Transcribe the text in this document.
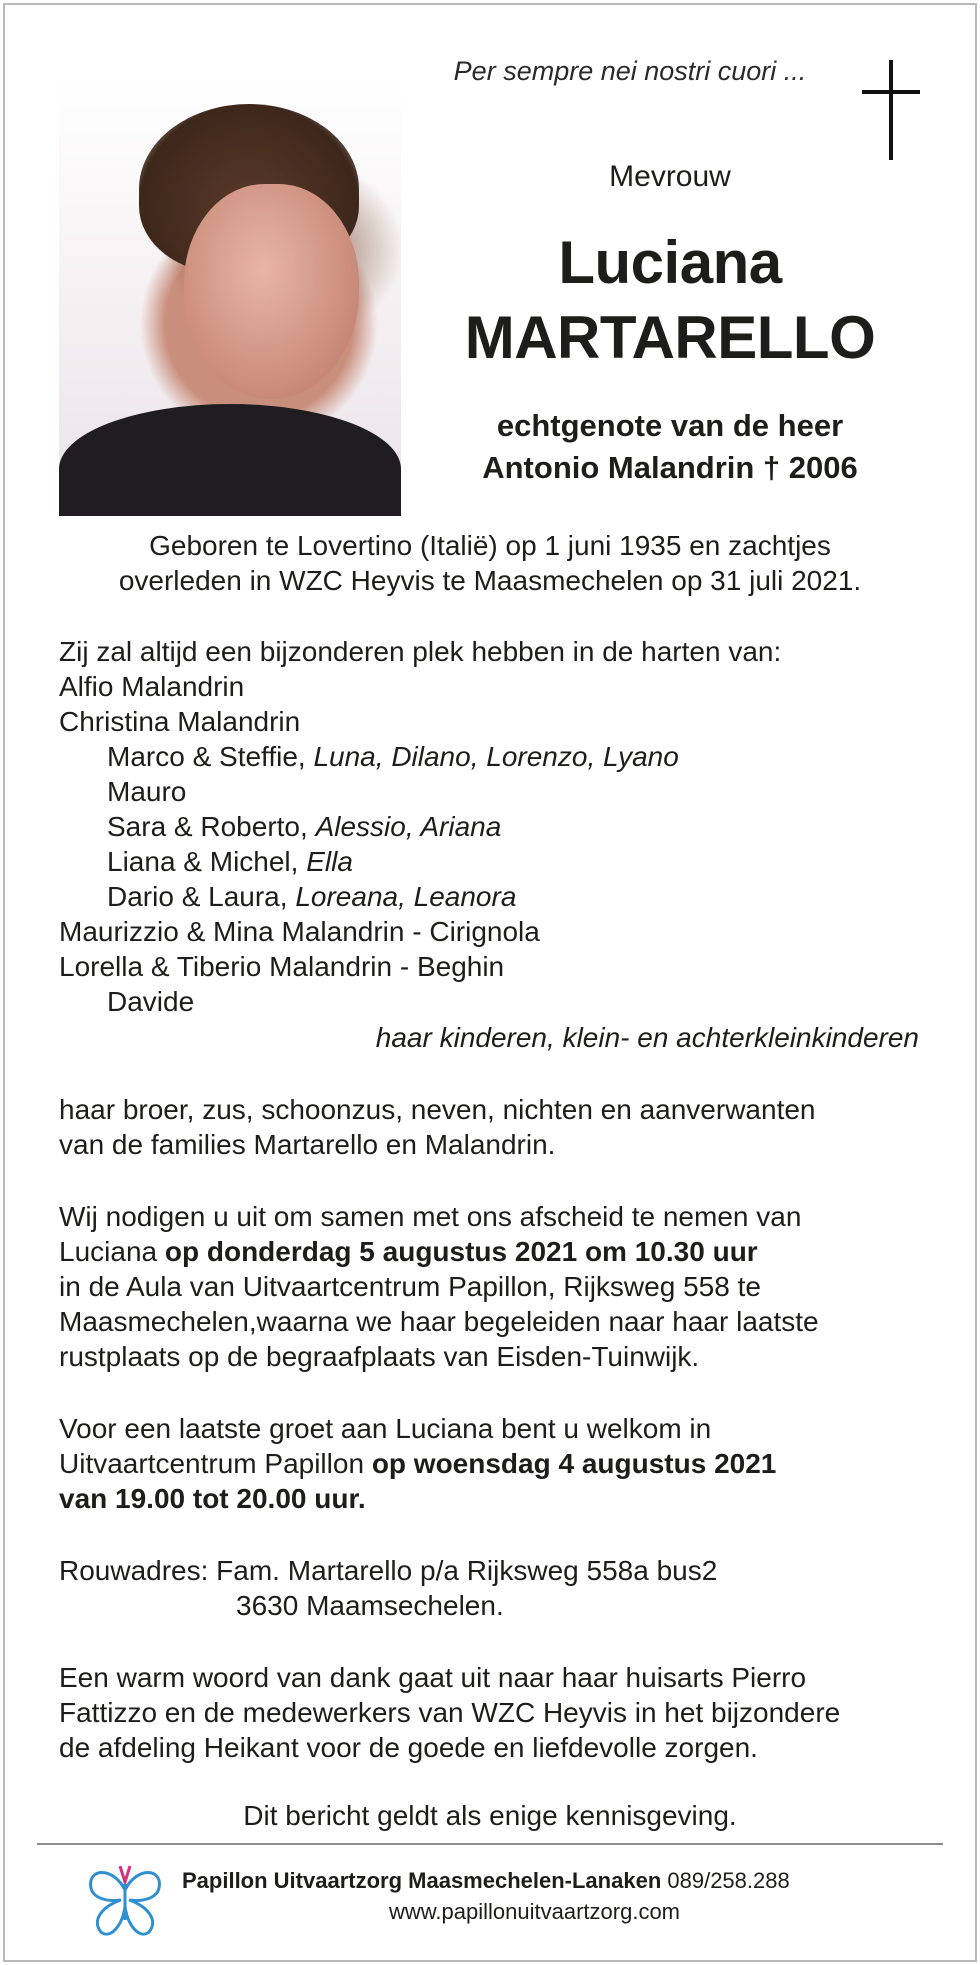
Per sempre nei nostri cuori ...
Mevrouw
Luciana
MARTARELLO
echtgenote van de heer
Antonio Malandrin † 2006
Geboren te Lovertino (Italië) op 1 juni 1935 en zachtjes
overleden in WZC Heyvis te Maasmechelen op 31 juli 2021.
Zij zal altijd een bijzonderen plek hebben in de harten van:
Alfio Malandrin
Christina Malandrin
Marco & Steffie, Luna, Dilano, Lorenzo, Lyano
Mauro
Sara & Roberto, Alessio, Ariana
Liana & Michel, Ella
Dario & Laura, Loreana, Leanora
Maurizzio & Mina Malandrin - Cirignola
Lorella & Tiberio Malandrin - Beghin
Davide
haar kinderen, klein- en achterkleinkinderen
haar broer, zus, schoonzus, neven, nichten en aanverwanten
van de families Martarello en Malandrin.
Wij nodigen u uit om samen met ons afscheid te nemen van
Luciana op donderdag 5 augustus 2021 om 10.30 uur
in de Aula van Uitvaartcentrum Papillon, Rijksweg 558 te
Maasmechelen,waarna we haar begeleiden naar haar laatste
rustplaats op de begraafplaats van Eisden-Tuinwijk.
Voor een laatste groet aan Luciana bent u welkom in
Uitvaartcentrum Papillon op woensdag 4 augustus 2021
van 19.00 tot 20.00 uur.
Rouwadres: Fam. Martarello p/a Rijksweg 558a bus2
3630 Maamsechelen.
Een warm woord van dank gaat uit naar haar huisarts Pierro
Fattizzo en de medewerkers van WZC Heyvis in het bijzondere
de afdeling Heikant voor de goede en liefdevolle zorgen.
Dit bericht geldt als enige kennisgeving.
Papillon Uitvaartzorg Maasmechelen-Lanaken 089/258.288
www.papillonuitvaartzorg.com
